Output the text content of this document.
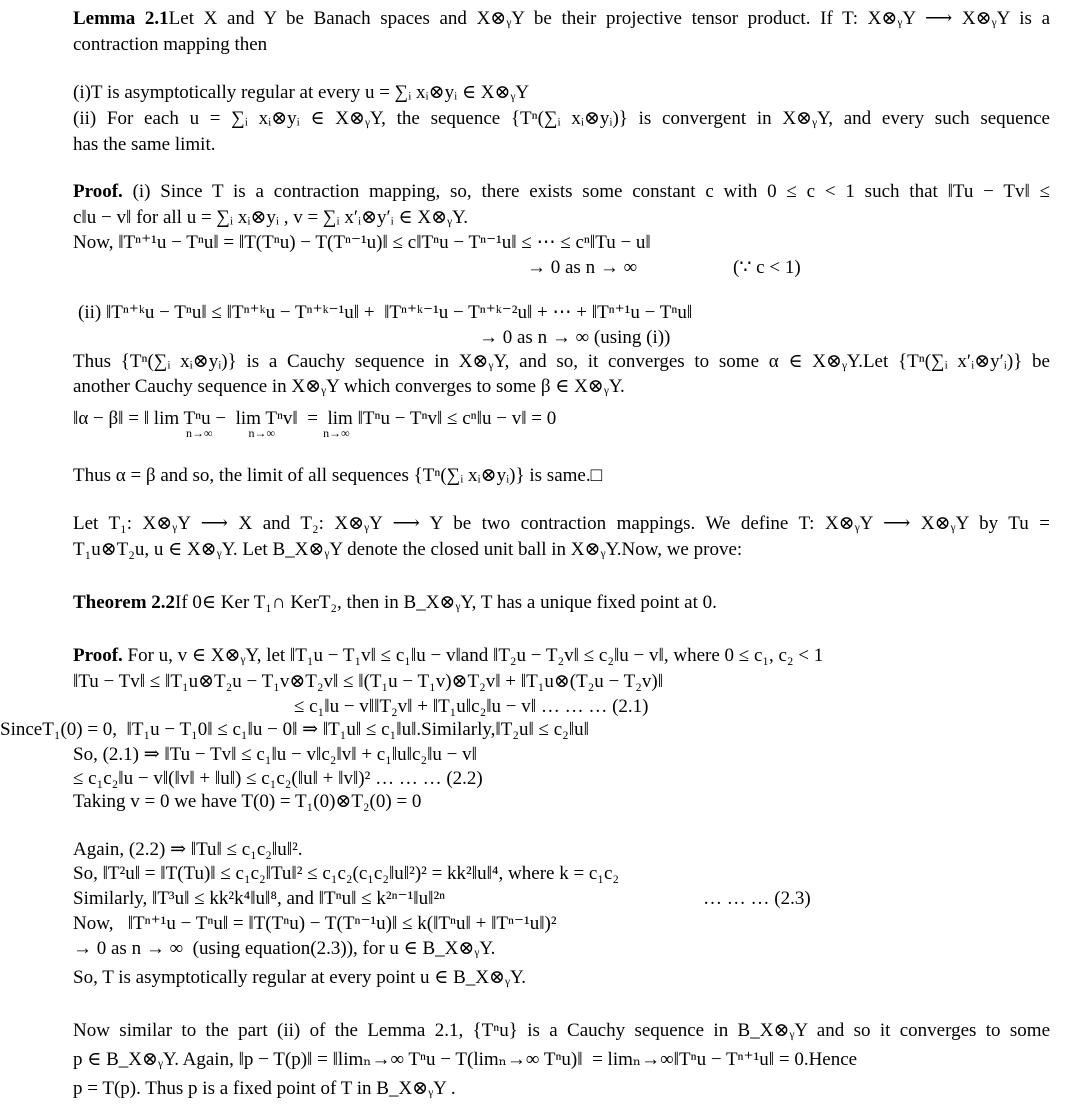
Lemma 2.1Let X and Y be Banach spaces and X⊗ᵧY be their projective tensor product. If T: X⊗ᵧY ⟶ X⊗ᵧY is a
contraction mapping then
(i)T is asymptotically regular at every u = ∑ᵢ xᵢ⊗yᵢ ∈ X⊗ᵧY
(ii) For each u = ∑ᵢ xᵢ⊗yᵢ ∈ X⊗ᵧY, the sequence {Tⁿ(∑ᵢ xᵢ⊗yᵢ)} is convergent in X⊗ᵧY, and every such sequence
has the same limit.
Proof. (i) Since T is a contraction mapping, so, there exists some constant c with 0 ≤ c < 1 such that ‖Tu − Tv‖ ≤
c‖u − v‖ for all u = ∑ᵢ xᵢ⊗yᵢ , v = ∑ᵢ x′ᵢ⊗y′ᵢ ∈ X⊗ᵧY.
Now, ‖Tⁿ⁺¹u − Tⁿu‖ = ‖T(Tⁿu) − T(Tⁿ⁻¹u)‖ ≤ c‖Tⁿu − Tⁿ⁻¹u‖ ≤ ⋯ ≤ cⁿ‖Tu − u‖
→ 0 as n → ∞	(∵ c < 1)
(ii) ‖Tⁿ⁺ᵏu − Tⁿu‖ ≤ ‖Tⁿ⁺ᵏu − Tⁿ⁺ᵏ⁻¹u‖ +  ‖Tⁿ⁺ᵏ⁻¹u − Tⁿ⁺ᵏ⁻²u‖ + ⋯ + ‖Tⁿ⁺¹u − Tⁿu‖
→ 0 as n → ∞ (using (i))
Thus {Tⁿ(∑ᵢ xᵢ⊗yᵢ)} is a Cauchy sequence in X⊗ᵧY, and so, it converges to some α ∈ X⊗ᵧY.Let {Tⁿ(∑ᵢ x′ᵢ⊗y′ᵢ)} be
another Cauchy sequence in X⊗ᵧY which converges to some β ∈ X⊗ᵧY.
‖α − β‖ = ‖ lim Tⁿu −  lim Tⁿv‖  =  lim ‖Tⁿu − Tⁿv‖ ≤ cⁿ‖u − v‖ = 0
n→∞            n→∞                n→∞
Thus α = β and so, the limit of all sequences {Tⁿ(∑ᵢ xᵢ⊗yᵢ)} is same.□
Let T₁: X⊗ᵧY ⟶ X and T₂: X⊗ᵧY ⟶ Y be two contraction mappings. We define T: X⊗ᵧY ⟶ X⊗ᵧY by Tu =
T₁u⊗T₂u, u ∈ X⊗ᵧY. Let B_X⊗ᵧY denote the closed unit ball in X⊗ᵧY.Now, we prove:
Theorem 2.2If 0∈ Ker T₁∩ KerT₂, then in B_X⊗ᵧY, T has a unique fixed point at 0.
Proof. For u, v ∈ X⊗ᵧY, let ‖T₁u − T₁v‖ ≤ c₁‖u − v‖and ‖T₂u − T₂v‖ ≤ c₂‖u − v‖, where 0 ≤ c₁, c₂ < 1
‖Tu − Tv‖ ≤ ‖T₁u⊗T₂u − T₁v⊗T₂v‖ ≤ ‖(T₁u − T₁v)⊗T₂v‖ + ‖T₁u⊗(T₂u − T₂v)‖
≤ c₁‖u − v‖‖T₂v‖ + ‖T₁u‖c₂‖u − v‖ … … … (2.1)
SinceT₁(0) = 0,  ‖T₁u − T₁0‖ ≤ c₁‖u − 0‖ ⇒ ‖T₁u‖ ≤ c₁‖u‖.Similarly,‖T₂u‖ ≤ c₂‖u‖
So, (2.1) ⇒ ‖Tu − Tv‖ ≤ c₁‖u − v‖c₂‖v‖ + c₁‖u‖c₂‖u − v‖
≤ c₁c₂‖u − v‖(‖v‖ + ‖u‖) ≤ c₁c₂(‖u‖ + ‖v‖)² … … … (2.2)
Taking v = 0 we have T(0) = T₁(0)⊗T₂(0) = 0
Again, (2.2) ⇒ ‖Tu‖ ≤ c₁c₂‖u‖².
So, ‖T²u‖ = ‖T(Tu)‖ ≤ c₁c₂‖Tu‖² ≤ c₁c₂(c₁c₂‖u‖²)² = kk²‖u‖⁴, where k = c₁c₂
Similarly, ‖T³u‖ ≤ kk²k⁴‖u‖⁸, and ‖Tⁿu‖ ≤ k²ⁿ⁻¹‖u‖²ⁿ	… … … (2.3)
Now,   ‖Tⁿ⁺¹u − Tⁿu‖ = ‖T(Tⁿu) − T(Tⁿ⁻¹u)‖ ≤ k(‖Tⁿu‖ + ‖Tⁿ⁻¹u‖)²
→ 0 as n → ∞  (using equation(2.3)), for u ∈ B_X⊗ᵧY.
So, T is asymptotically regular at every point u ∈ B_X⊗ᵧY.
Now similar to the part (ii) of the Lemma 2.1, {Tⁿu} is a Cauchy sequence in B_X⊗ᵧY and so it converges to some
p ∈ B_X⊗ᵧY. Again, ‖p − T(p)‖ = ‖limₙ→∞ Tⁿu − T(limₙ→∞ Tⁿu)‖  = limₙ→∞‖Tⁿu − Tⁿ⁺¹u‖ = 0.Hence
p = T(p). Thus p is a fixed point of T in B_X⊗ᵧY .
